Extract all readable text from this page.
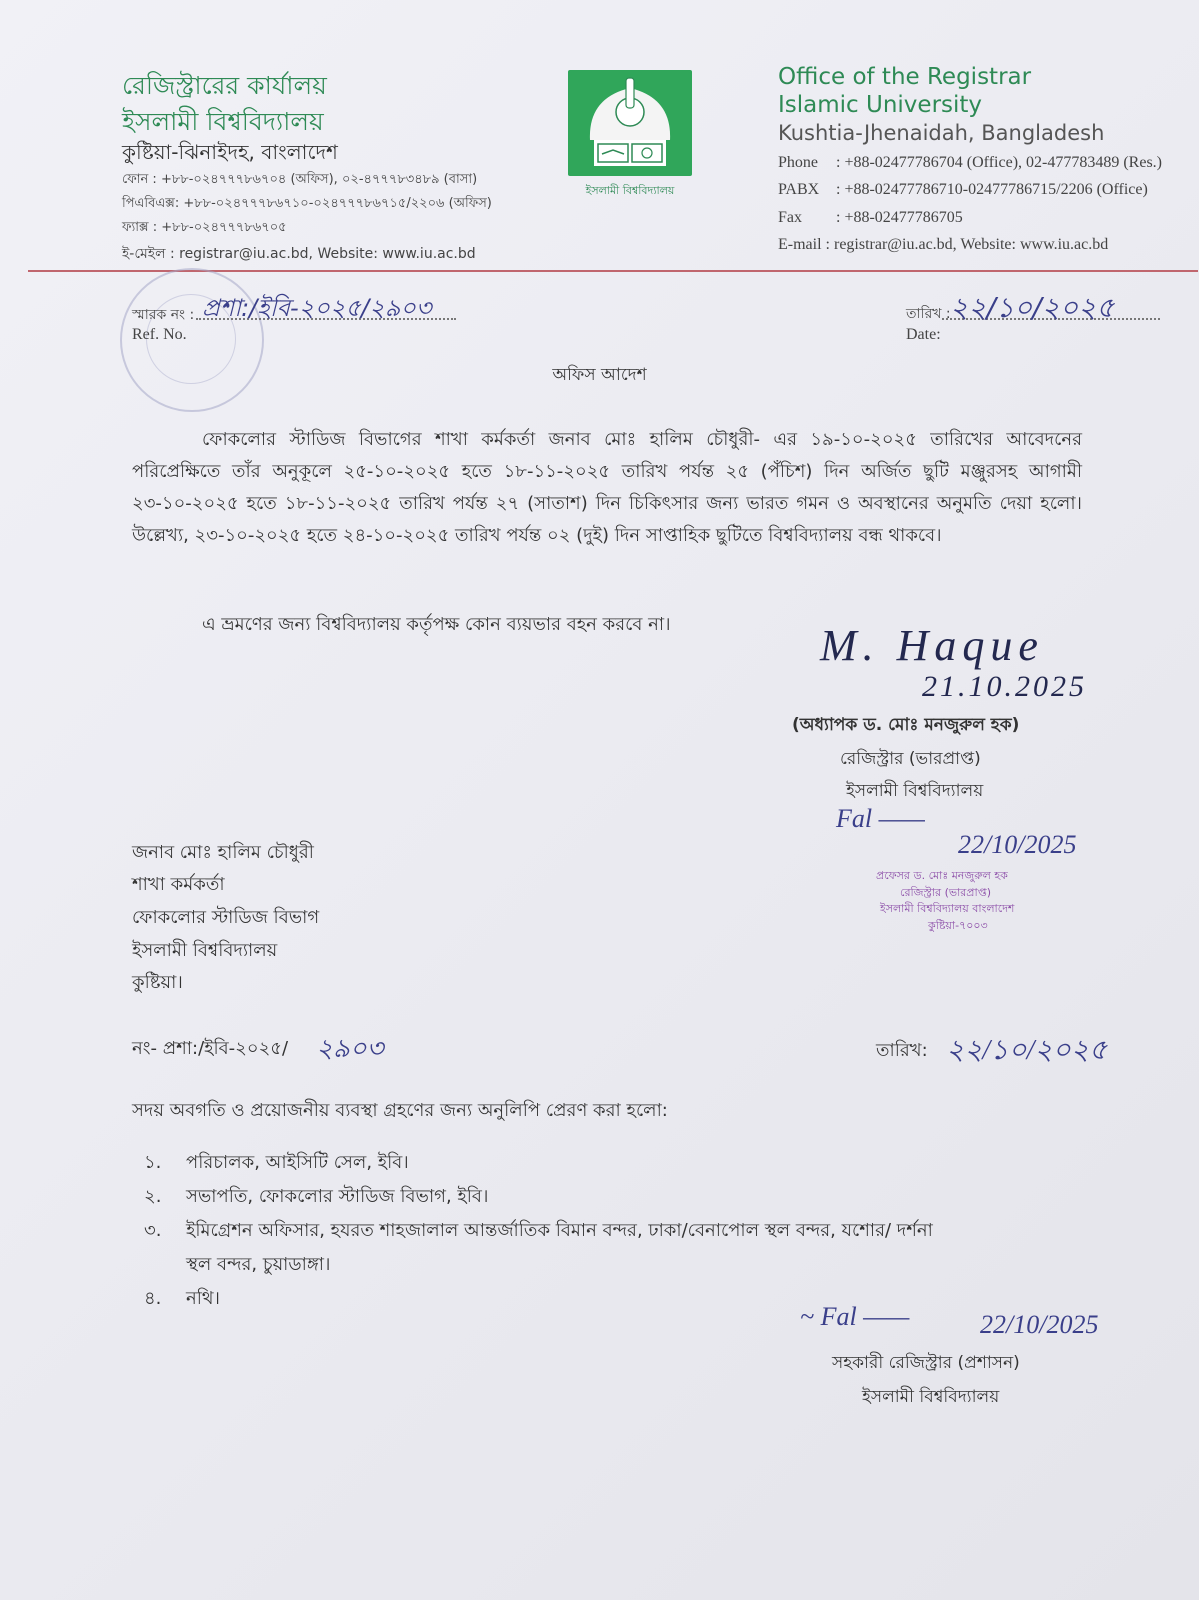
রেজিস্ট্রারের কার্যালয়
ইসলামী বিশ্ববিদ্যালয়
কুষ্টিয়া-ঝিনাইদহ, বাংলাদেশ
ফোন : +৮৮-০২৪৭৭৭৮৬৭০৪ (অফিস), ০২-৪৭৭৭৮৩৪৮৯ (বাসা)
পিএবিএক্স: +৮৮-০২৪৭৭৭৮৬৭১০-০২৪৭৭৭৮৬৭১৫/২২০৬ (অফিস)
ফ্যাক্স : +৮৮-০২৪৭৭৭৮৬৭০৫
ই-মেইল : registrar@iu.ac.bd, Website: www.iu.ac.bd
ইসলামী বিশ্ববিদ্যালয়
Office of the Registrar
Islamic University
Kushtia-Jhenaidah, Bangladesh
Phone : +88-02477786704 (Office), 02-477783489 (Res.)
PABX : +88-02477786710-02477786715/2206 (Office)
Fax : +88-02477786705
E-mail : registrar@iu.ac.bd, Website: www.iu.ac.bd
স্মারক নং :
Ref. No.
প্রশা:/ইবি-২০২৫/২৯০৩	তারিখ :
Date:
২২/১০/২০২৫
অফিস আদেশ
ফোকলোর স্টাডিজ বিভাগের শাখা কর্মকর্তা জনাব মোঃ হালিম চৌধুরী- এর ১৯-১০-২০২৫ তারিখের আবেদনের পরিপ্রেক্ষিতে তাঁর অনুকূলে ২৫-১০-২০২৫ হতে ১৮-১১-২০২৫ তারিখ পর্যন্ত ২৫ (পঁচিশ) দিন অর্জিত ছুটি মঞ্জুরসহ আগামী ২৩-১০-২০২৫ হতে ১৮-১১-২০২৫ তারিখ পর্যন্ত ২৭ (সাতাশ) দিন চিকিৎসার জন্য ভারত গমন ও অবস্থানের অনুমতি দেয়া হলো। উল্লেখ্য, ২৩-১০-২০২৫ হতে ২৪-১০-২০২৫ তারিখ পর্যন্ত ০২ (দুই) দিন সাপ্তাহিক ছুটিতে বিশ্ববিদ্যালয় বন্ধ থাকবে।
এ ভ্রমণের জন্য বিশ্ববিদ্যালয় কর্তৃপক্ষ কোন ব্যয়ভার বহন করবে না।	M. Haque
21.10.2025
(অধ্যাপক ড. মোঃ মনজুরুল হক)
রেজিস্ট্রার (ভারপ্রাপ্ত)
ইসলামী বিশ্ববিদ্যালয়
Fal ——
22/10/2025
প্রফেসর ড. মোঃ মনজুরুল হক
রেজিস্ট্রার (ভারপ্রাপ্ত)
ইসলামী বিশ্ববিদ্যালয় বাংলাদেশ
কুষ্টিয়া-৭০০৩
জনাব মোঃ হালিম চৌধুরী
শাখা কর্মকর্তা
ফোকলোর স্টাডিজ বিভাগ
ইসলামী বিশ্ববিদ্যালয়
কুষ্টিয়া।
নং- প্রশা:/ইবি-২০২৫/ ২৯০৩	তারিখ: ২২/১০/২০২৫
সদয় অবগতি ও প্রয়োজনীয় ব্যবস্থা গ্রহণের জন্য অনুলিপি প্রেরণ করা হলো:
১. পরিচালক, আইসিটি সেল, ইবি।
২. সভাপতি, ফোকলোর স্টাডিজ বিভাগ, ইবি।
৩. ইমিগ্রেশন অফিসার, হযরত শাহজালাল আন্তর্জাতিক বিমান বন্দর, ঢাকা/বেনাপোল স্থল বন্দর, যশোর/ দর্শনা
স্থল বন্দর, চুয়াডাঙ্গা।
৪. নথি।
~ Fal ——	22/10/2025
সহকারী রেজিস্ট্রার (প্রশাসন)
ইসলামী বিশ্ববিদ্যালয়
